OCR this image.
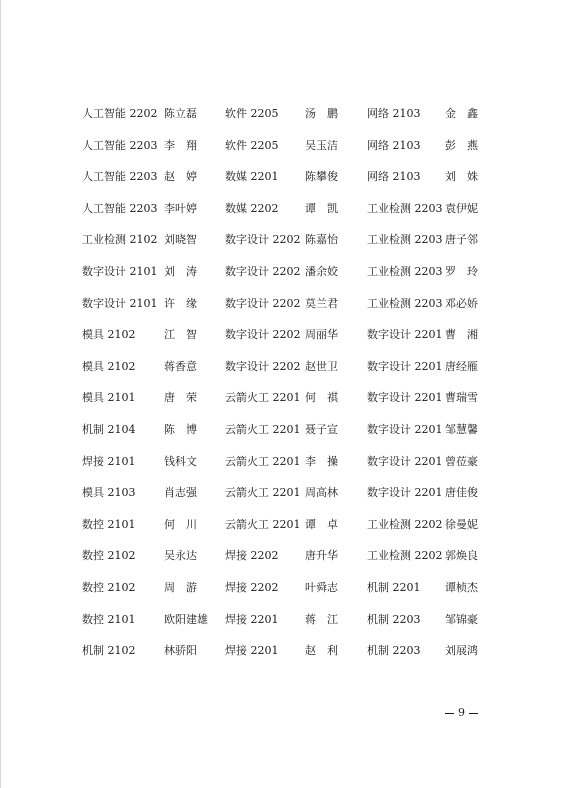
人工智能 2202 陈立磊	软件 2205 汤　鹏	网络 2103 金　鑫
人工智能 2203 李　翔	软件 2205 吴玉洁	网络 2103 彭　燕
人工智能 2203 赵　婷	数媒 2201 陈攀俊	网络 2103 刘　姝
人工智能 2203 李叶婷	数媒 2202 谭　凯	工业检测 2203 袁伊妮
工业检测 2102 刘晓智	数字设计 2202 陈嘉怡	工业检测 2203 唐子邻
数字设计 2101 刘　涛	数字设计 2202 潘余姣	工业检测 2203 罗　玲
数字设计 2101 许　缘	数字设计 2202 莫兰君	工业检测 2203 邓必娇
模具 2102	江　智	数字设计 2202 周丽华	数字设计 2201 曹　湘
模具 2102	蒋香意	数字设计 2202 赵世卫	数字设计 2201 唐经雁
模具 2101	唐　荣	云箭火工 2201 何　祺	数字设计 2201 曹瑞雪
机制 2104	陈　博	云箭火工 2201 聂子宣	数字设计 2201 邹慧馨
焊接 2101	钱科文	云箭火工 2201 李　操	数字设计 2201 曾莅豪
模具 2103	肖志强	云箭火工 2201 周高林	数字设计 2201 唐佳俊
数控 2101	何　川	云箭火工 2201 谭　卓	工业检测 2202 徐曼妮
数控 2102	吴永达	焊接 2202 唐升华	工业检测 2202 郭焕良
数控 2102	周　游	焊接 2202 叶舜志	机制 2201 谭桢杰
数控 2101	欧阳建雄	焊接 2201 蒋　江	机制 2203 邹锦豪
机制 2102	林骄阳	焊接 2201 赵　利	机制 2203 刘展鸿
9
